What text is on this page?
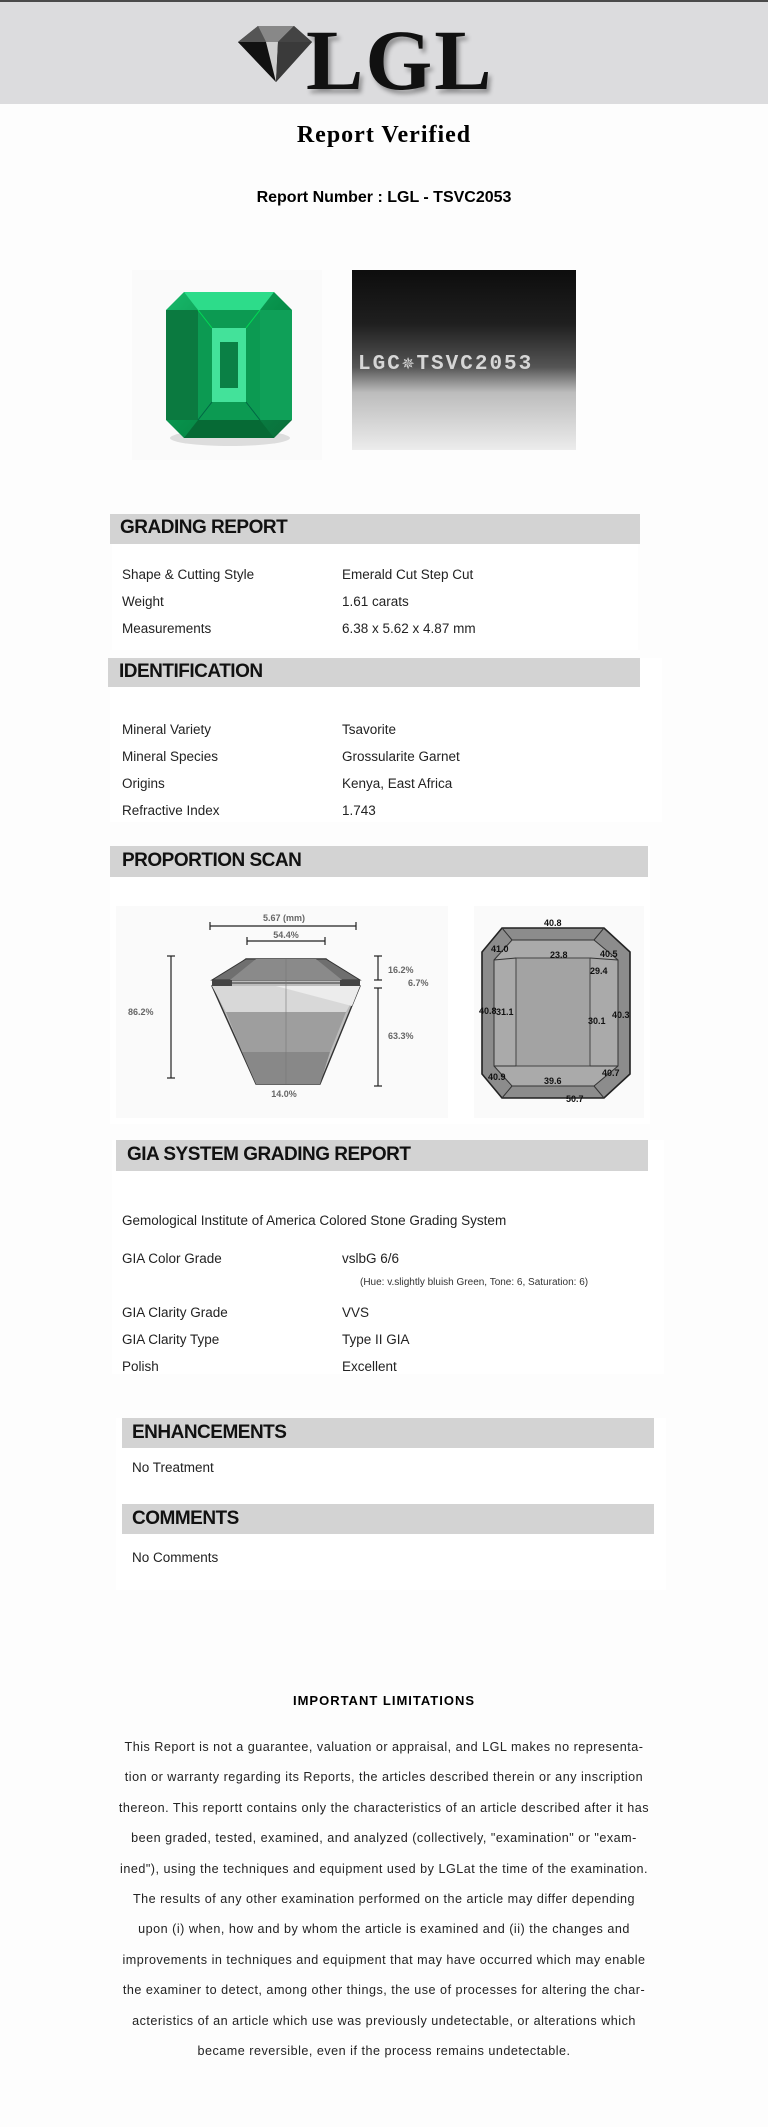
LGL
Report Verified
Report Number : LGL - TSVC2053
LGC✵TSVC2053
GRADING REPORT
Shape & Cutting Style	Emerald Cut Step Cut
Weight	1.61 carats
Measurements	6.38 x 5.62 x 4.87 mm
IDENTIFICATION
Mineral Variety	Tsavorite
Mineral Species	Grossularite Garnet
Origins	Kenya, East Africa
Refractive Index	1.743
PROPORTION SCAN
5.67 (mm)
54.4%
86.2%
16.2%
6.7%
63.3%
14.0%
40.8
41.0	40.5
23.8
29.4
40.8 31.1
30.1
40.3
40.9	39.6
40.7
50.7
GIA SYSTEM GRADING REPORT
Gemological Institute of America Colored Stone Grading System
GIA Color Grade	vslbG 6/6
(Hue: v.slightly bluish Green, Tone: 6, Saturation: 6)
GIA Clarity Grade	VVS
GIA Clarity Type	Type II GIA
Polish	Excellent
ENHANCEMENTS
No Treatment
COMMENTS
No Comments
IMPORTANT LIMITATIONS
This Report is not a guarantee, valuation or appraisal, and LGL makes no representa-
tion or warranty regarding its Reports, the articles described therein or any inscription
thereon. This reportt contains only the characteristics of an article described after it has
been graded, tested, examined, and analyzed (collectively, "examination" or "exam-
ined"), using the techniques and equipment used by LGLat the time of the examination.
The results of any other examination performed on the article may differ depending
upon (i) when, how and by whom the article is examined and (ii) the changes and
improvements in techniques and equipment that may have occurred which may enable
the examiner to detect, among other things, the use of processes for altering the char-
acteristics of an article which use was previously undetectable, or alterations which
became reversible, even if the process remains undetectable.
